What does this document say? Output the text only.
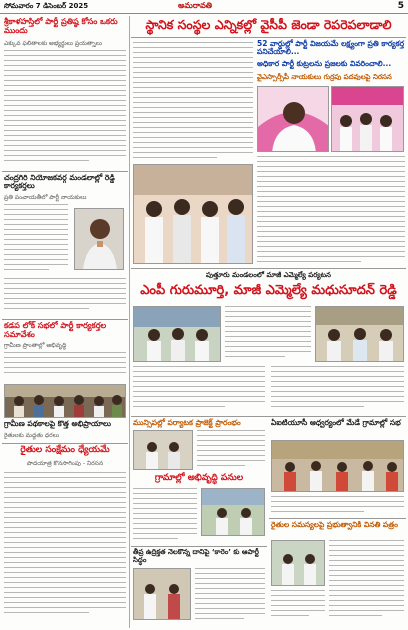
సోమవారం 7 డిసెంబర్ 2025	అమరావతి	5
శ్రీకాళహస్తిలో పార్టీ ప్రతిష్ఠ కోసం ఒకరు ముందు
ఎక్కువ ఫలితాలకు అభ్యర్థులు ప్రయత్నాలు
చంద్రగిరి నియోజకవర్గ మండలాల్లో రెడ్డి కార్యకర్తలు
ప్రతి పంచాయతీలో పార్టీ నాయకులు
కడప లోక్ సభలో పార్టీ కార్యకర్తల సమావేశం
గ్రామీణ ప్రాంతాల్లో అభివృద్ధి
గ్రామీణ పథకాలపై కొత్త అభిప్రాయాలు
రైతులకు మద్దతు ధరలు
రైతుల సంక్షేమం ధ్యేయమే
పాదయాత్ర కొనసాగింపు - నిరసన
స్థానిక సంస్థల ఎన్నికల్లో వైసీపీ జెండా రెపరెపలాడాలి
52 వార్డుల్లో పార్టీ విజయమే లక్ష్యంగా ప్రతి కార్యకర్త పనిచేయాలి...
అధికార పార్టీ కుట్రలను ప్రజలకు వివరించాలి...
వైఎస్సార్సీపీ నాయకులు గుర్రపు పదవులపై నిరసన
పుత్తూరు మండలంలో మాజీ ఎమ్మెల్యే పర్యటన
ఎంపీ గురుమూర్తి, మాజీ ఎమ్మెల్యే మధుసూదన్ రెడ్డి
మున్సిపల్లో పర్యాటక ప్రాజెక్ట్ ప్రారంభం
గ్రామాల్లో అభివృద్ధి పనుల
తీవ్ర ఉద్రిక్తత నెలకొన్న దానిపై ‘కారెం’ కు ఆపార్టీ సిద్ధం
ఏఐటియూసీ ఆధ్వర్యంలో మేడే గ్రామాల్లో సభ
రైతుల సమస్యలపై ప్రభుత్వానికి వినతి పత్రం
